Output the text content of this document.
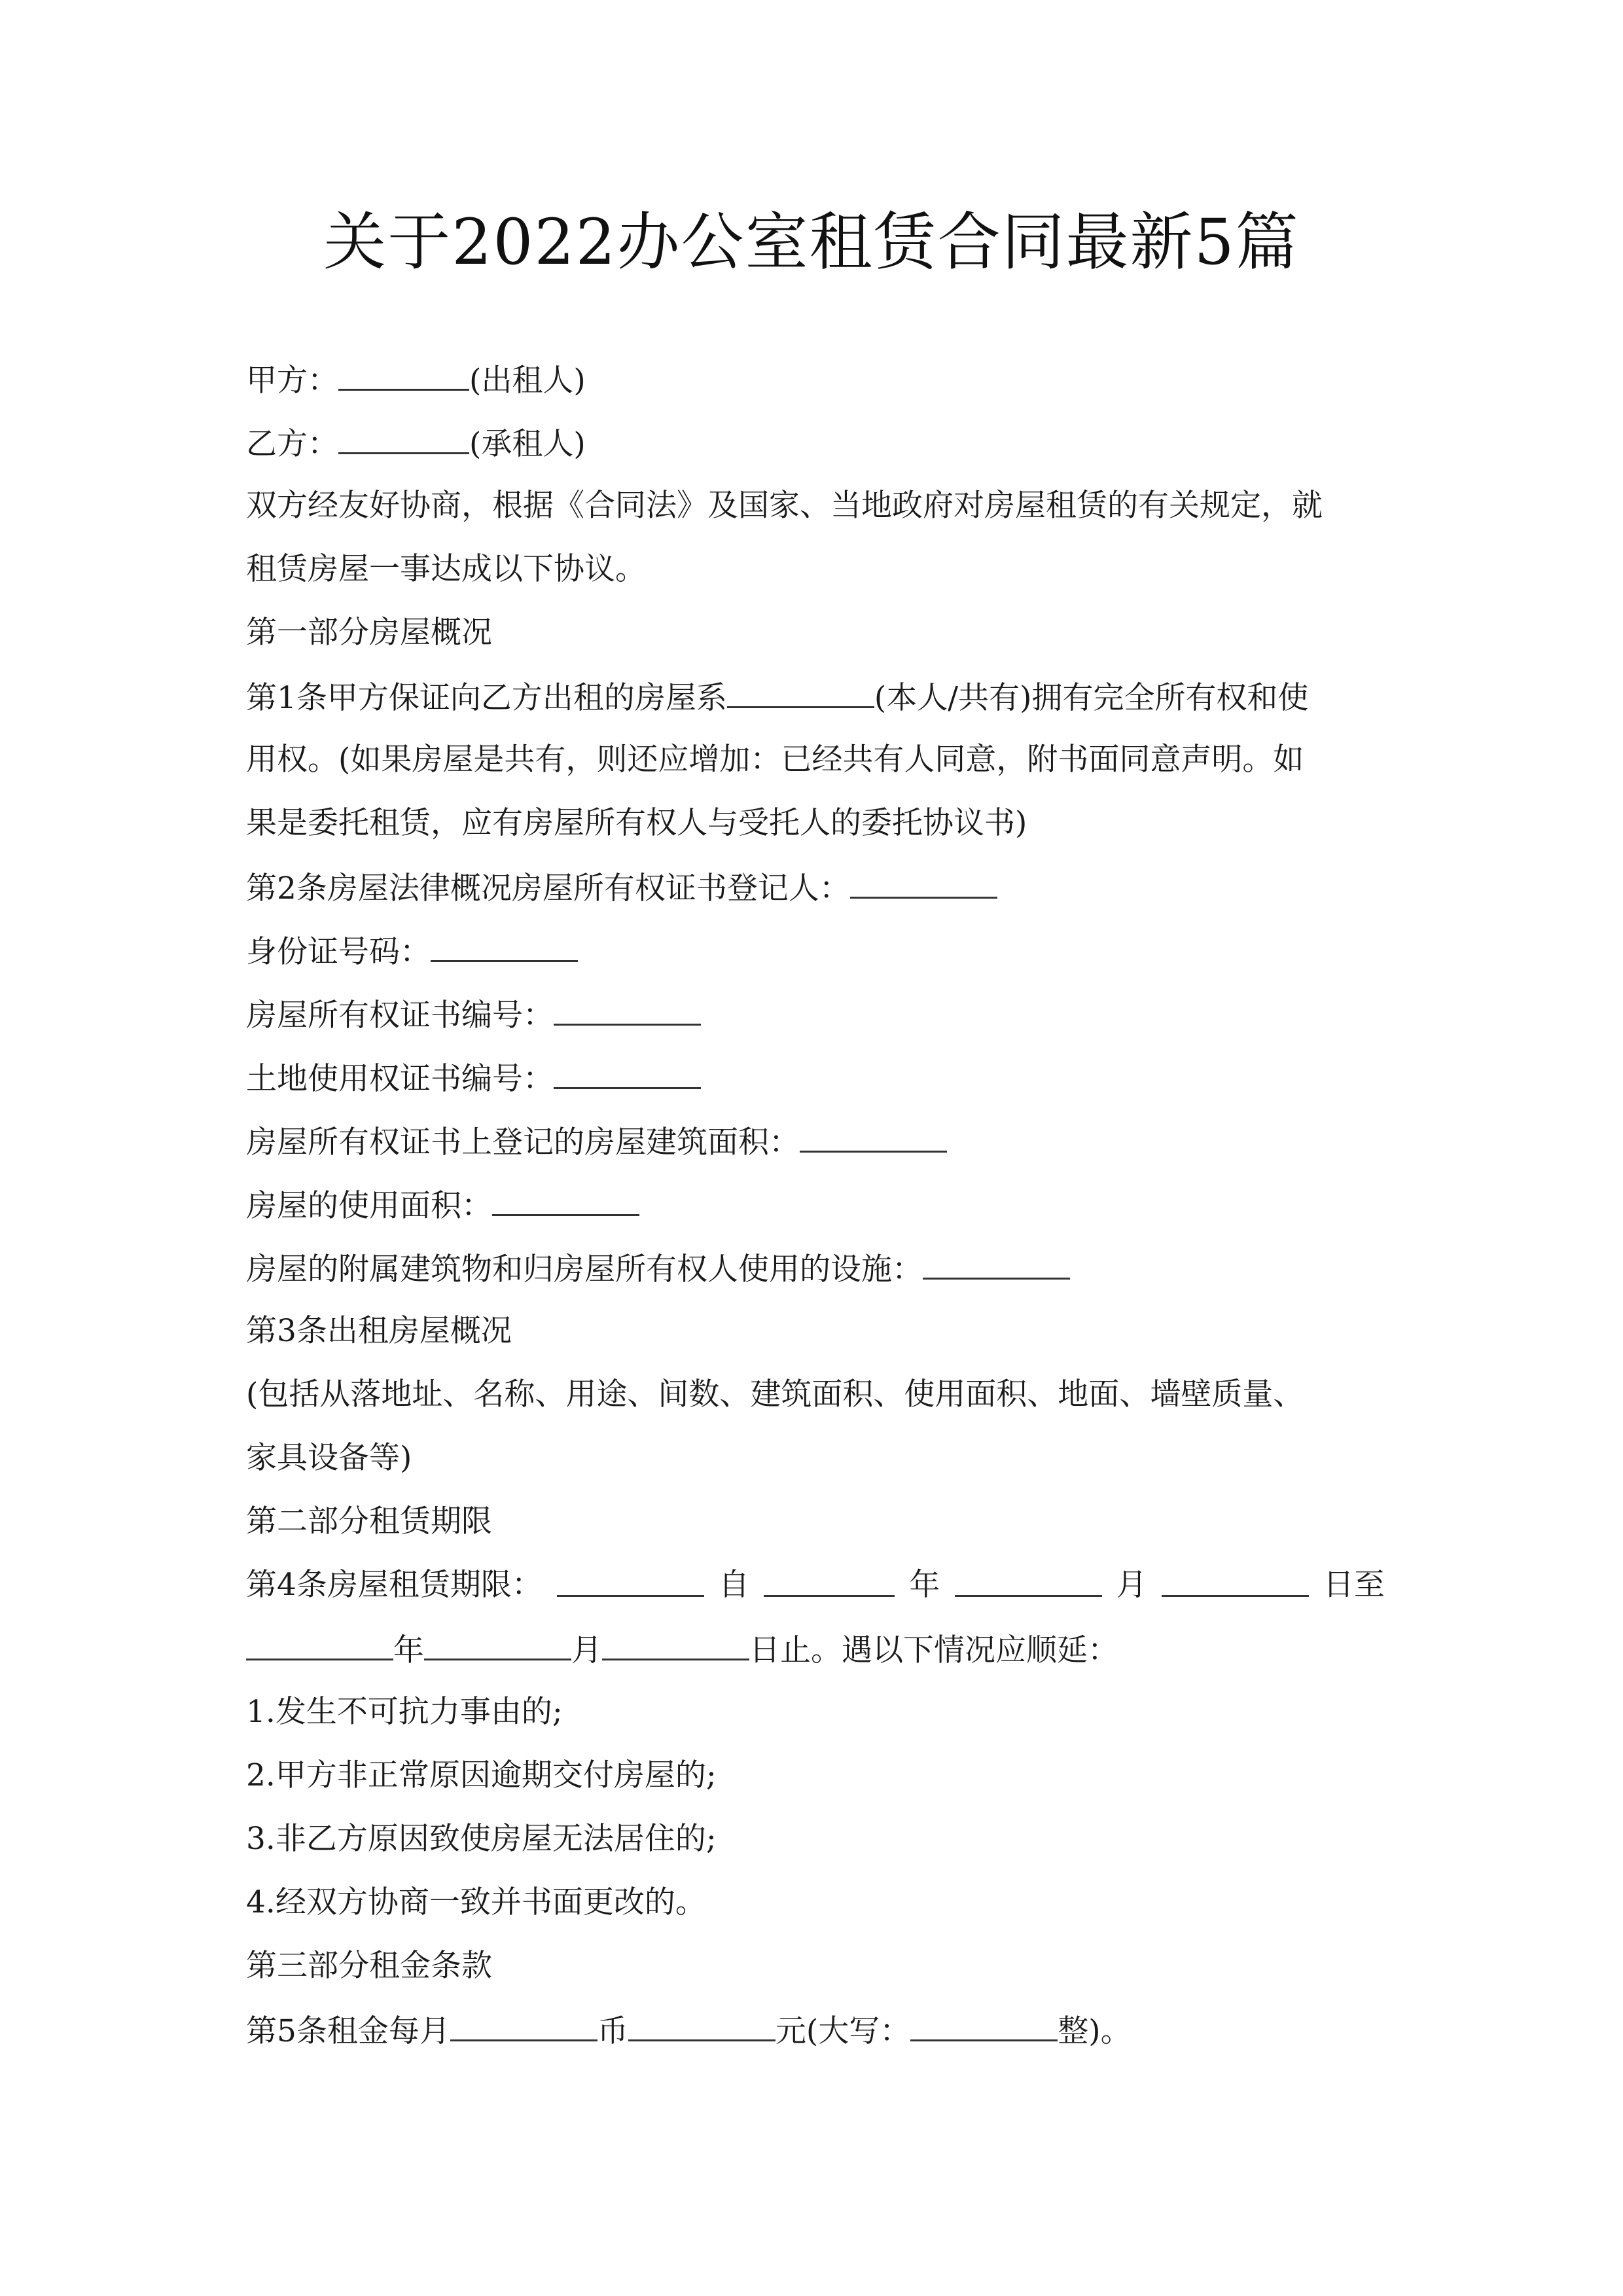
关于2022办公室租赁合同最新5篇
甲方：	(出租人)
乙方：	(承租人)
双方经友好协商，根据《合同法》及国家、当地政府对房屋租赁的有关规定，就
租赁房屋一事达成以下协议。
第一部分房屋概况
第1条甲方保证向乙方出租的房屋系	(本人/共有)拥有完全所有权和使
用权。(如果房屋是共有，则还应增加：已经共有人同意，附书面同意声明。如
果是委托租赁，应有房屋所有权人与受托人的委托协议书)
第2条房屋法律概况房屋所有权证书登记人：
身份证号码：
房屋所有权证书编号：
土地使用权证书编号：
房屋所有权证书上登记的房屋建筑面积：
房屋的使用面积：
房屋的附属建筑物和归房屋所有权人使用的设施：
第3条出租房屋概况
(包括从落地址、名称、用途、间数、建筑面积、使用面积、地面、墙壁质量、
家具设备等)
第二部分租赁期限
第4条房屋租赁期限：	自	年	月	日至
年	月	日止。遇以下情况应顺延：
1.发生不可抗力事由的;
2.甲方非正常原因逾期交付房屋的;
3.非乙方原因致使房屋无法居住的;
4.经双方协商一致并书面更改的。
第三部分租金条款
第5条租金每月	币	元(大写：	整)。
